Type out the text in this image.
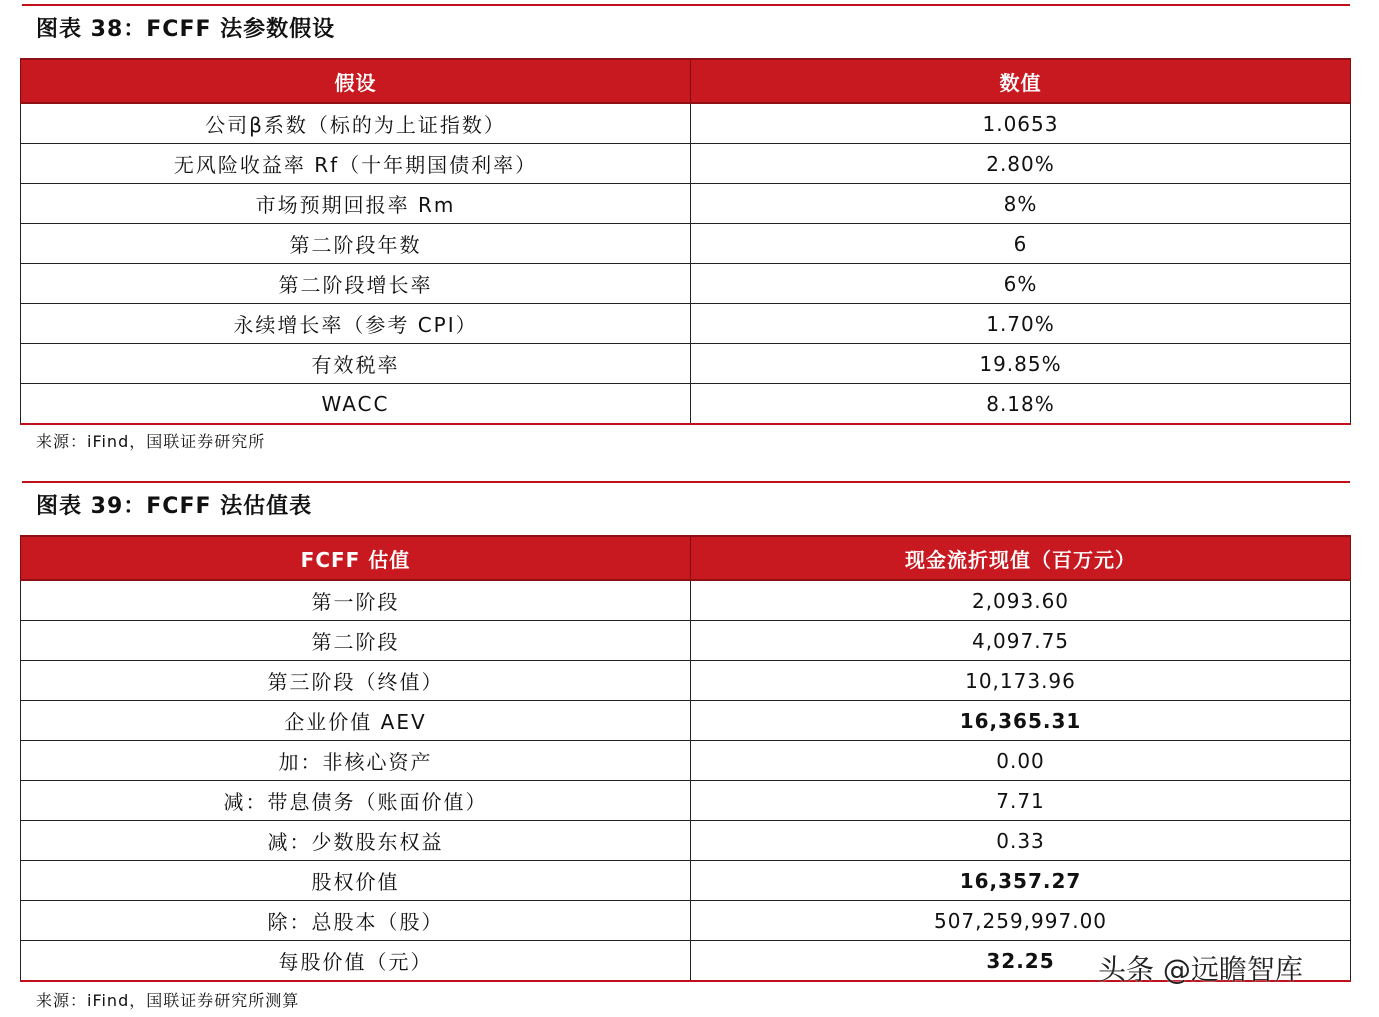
图表 38：FCFF 法参数假设
假设	数值
公司β系数（标的为上证指数）	1.0653
无风险收益率 Rf（十年期国债利率）	2.80%
市场预期回报率 Rm	8%
第二阶段年数	6
第二阶段增长率	6%
永续增长率（参考 CPI）	1.70%
有效税率	19.85%
WACC	8.18%
来源：iFind，国联证券研究所
图表 39：FCFF 法估值表
FCFF 估值	现金流折现值（百万元）
第一阶段	2,093.60
第二阶段	4,097.75
第三阶段（终值）	10,173.96
企业价值 AEV	16,365.31
加：非核心资产	0.00
减：带息债务（账面价值）	7.71
减：少数股东权益	0.33
股权价值	16,357.27
除：总股本（股）	507,259,997.00
每股价值（元）	32.25
来源：iFind，国联证券研究所测算
头条 @远瞻智库
